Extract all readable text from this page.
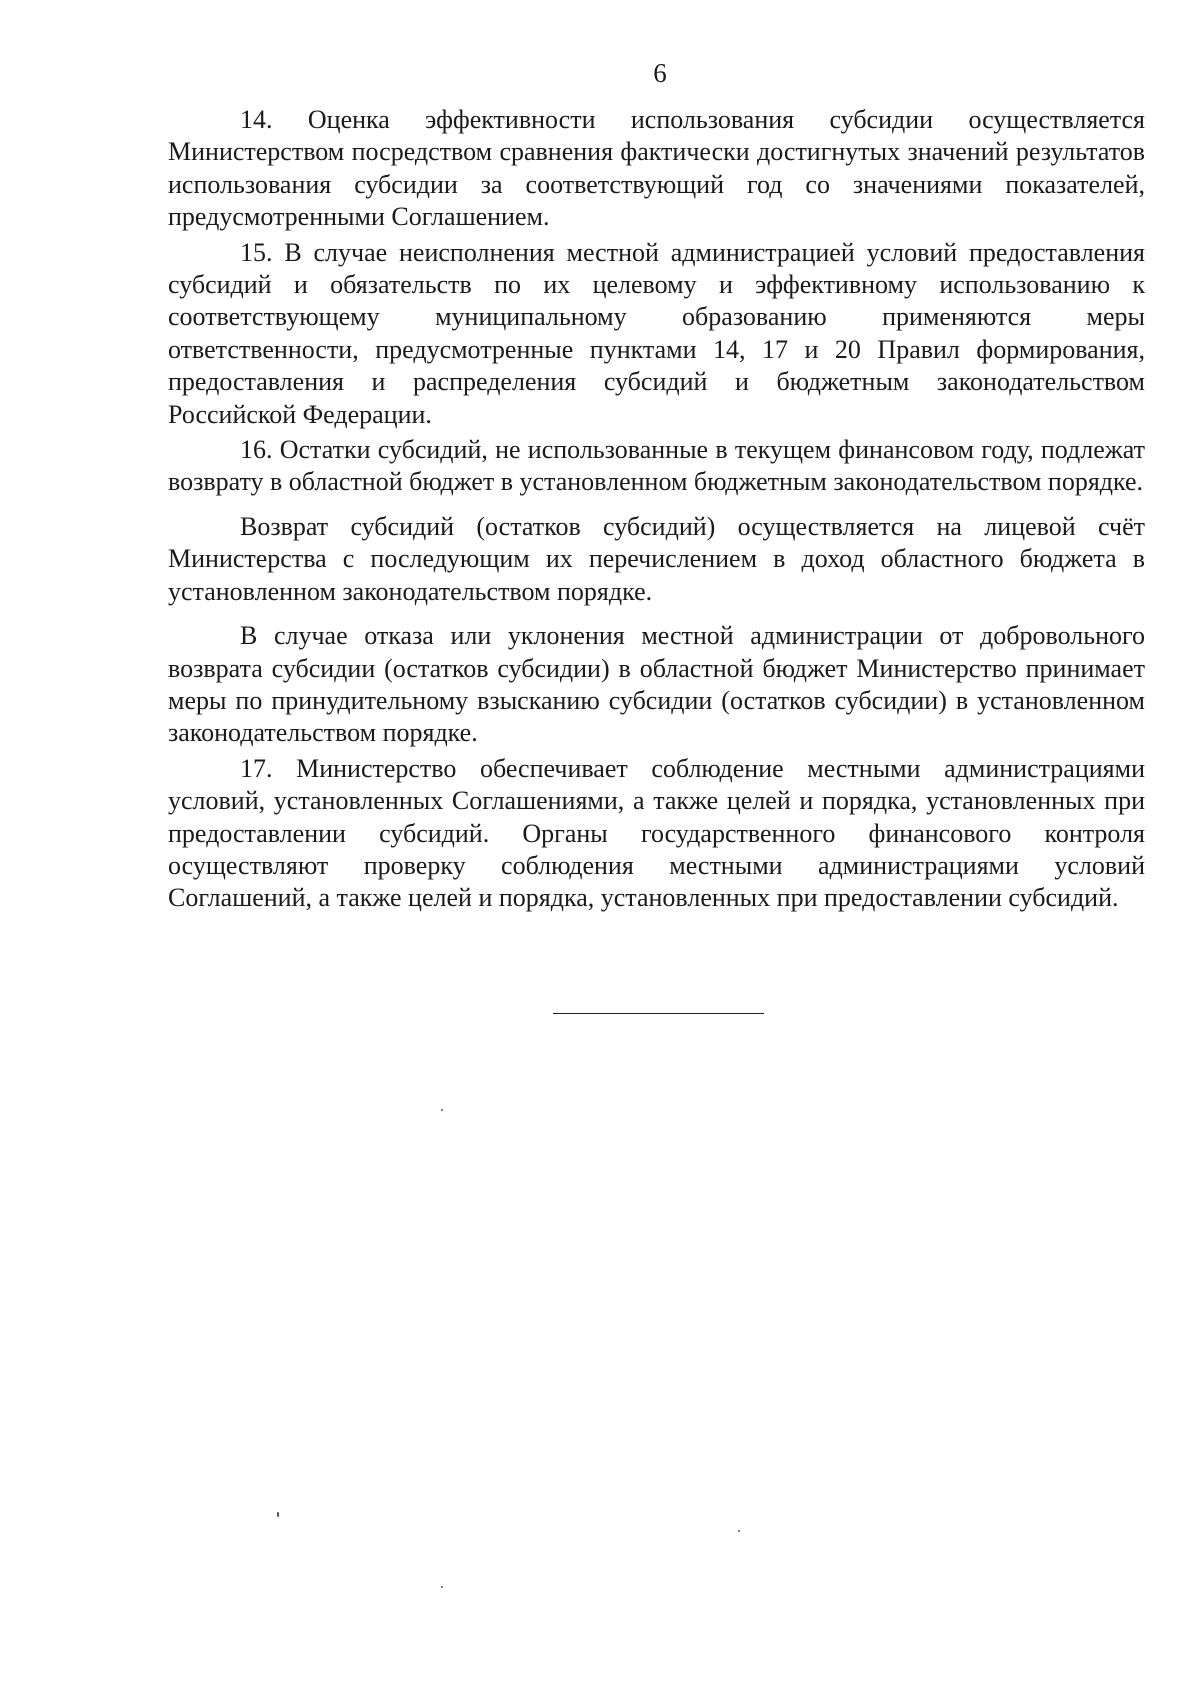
6

14. Оценка эффективности использования субсидии осуществляется Министерством посредством сравнения фактически достигнутых значений результатов использования субсидии за соответствующий год со значениями показателей, предусмотренными Соглашением.

15. В случае неисполнения местной администрацией условий предоставления субсидий и обязательств по их целевому и эффективному использованию к соответствующему муниципальному образованию применяются меры ответственности, предусмотренные пунктами 14, 17 и 20 Правил формирования, предоставления и распределения субсидий и бюджетным законодательством Российской Федерации.

16. Остатки субсидий, не использованные в текущем финансовом году, подлежат возврату в областной бюджет в установленном бюджетным законодательством порядке.

Возврат субсидий (остатков субсидий) осуществляется на лицевой счёт Министерства с последующим их перечислением в доход областного бюджета в установленном законодательством порядке.

В случае отказа или уклонения местной администрации от добровольного возврата субсидии (остатков субсидии) в областной бюджет Министерство принимает меры по принудительному взысканию субсидии (остатков субсидии) в установленном законодательством порядке.

17. Министерство обеспечивает соблюдение местными администрациями условий, установленных Соглашениями, а также целей и порядка, установленных при предоставлении субсидий. Органы государственного финансового контроля осуществляют проверку соблюдения местными администрациями условий Соглашений, а также целей и порядка, установленных при предоставлении субсидий.
